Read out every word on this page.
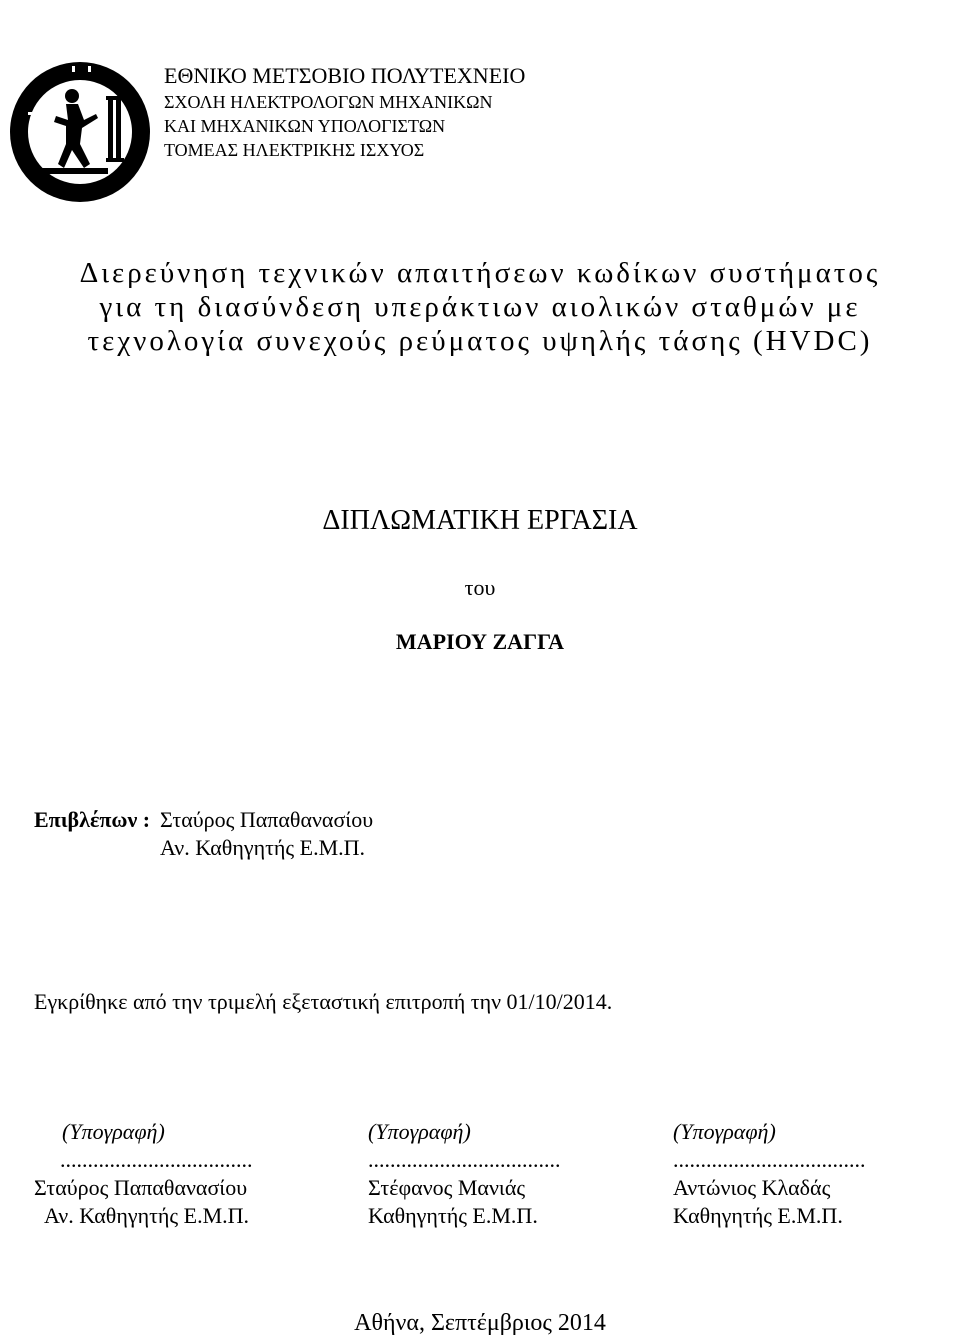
ΕΘΝΙΚΟ ΜΕΤΣΟΒΙΟ ΠΟΛΥΤΕΧΝΕΙΟ
ΣΧΟΛΗ ΗΛΕΚΤΡΟΛΟΓΩΝ ΜΗΧΑΝΙΚΩΝ
ΚΑΙ ΜΗΧΑΝΙΚΩΝ ΥΠΟΛΟΓΙΣΤΩΝ
ΤΟΜΕΑΣ ΗΛΕΚΤΡΙΚΗΣ ΙΣΧΥΟΣ
Διερεύνηση τεχνικών απαιτήσεων κωδίκων συστήματος
για τη διασύνδεση υπεράκτιων αιολικών σταθμών με
τεχνολογία συνεχούς ρεύματος υψηλής τάσης (HVDC)
ΔΙΠΛΩΜΑΤΙΚΗ ΕΡΓΑΣΙΑ
του
ΜΑΡΙΟΥ ΖΑΓΓΑ
Επιβλέπων : Σταύρος Παπαθανασίου
Αν. Καθηγητής Ε.Μ.Π.
Εγκρίθηκε από την τριμελή εξεταστική επιτροπή την 01/10/2014.
(Υπογραφή)
...................................
Σταύρος Παπαθανασίου
Αν. Καθηγητής Ε.Μ.Π.
(Υπογραφή)
...................................
Στέφανος Μανιάς
Καθηγητής Ε.Μ.Π.
(Υπογραφή)
...................................
Αντώνιος Κλαδάς
Καθηγητής Ε.Μ.Π.
Αθήνα, Σεπτέμβριος 2014
